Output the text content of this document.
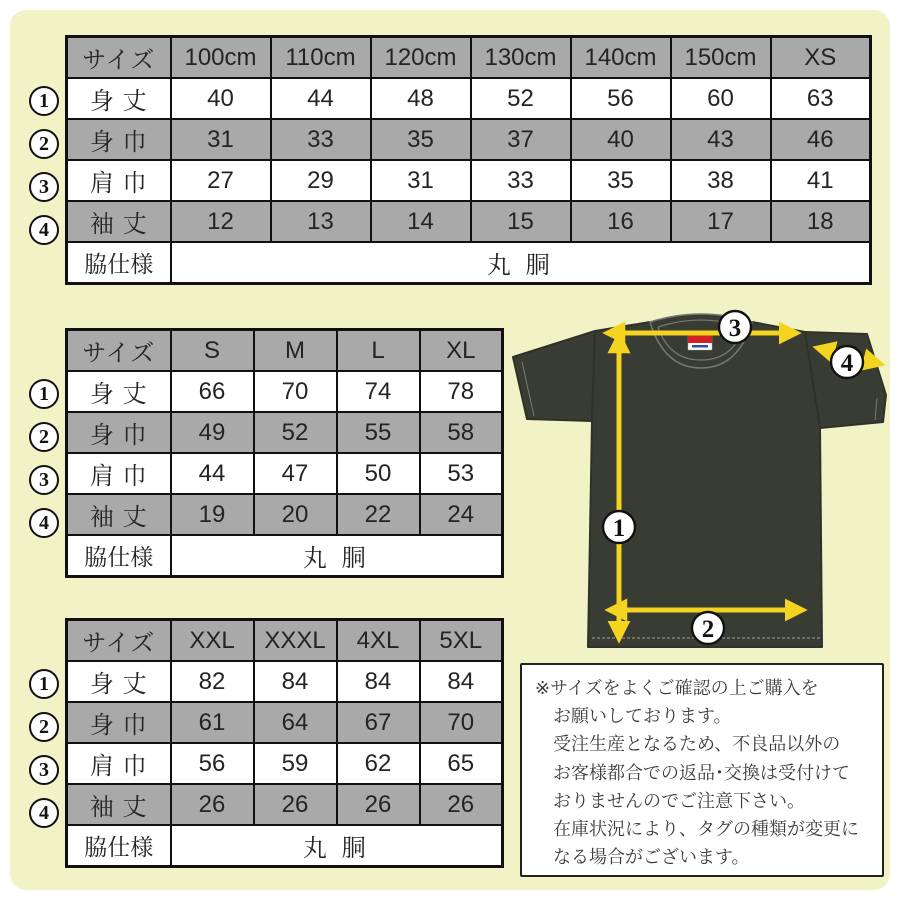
1
2
3
4
サイズ	100cm	110cm	120cm	130cm	140cm	150cm	XS
身 丈	40	44	48	52	56	60	63
身 巾	31	33	35	37	40	43	46
肩 巾	27	29	31	33	35	38	41
袖 丈	12	13	14	15	16	17	18
脇仕様	丸 胴						
1
2
3
4
サイズ	S	M	L	XL
身 丈	66	70	74	78
身 巾	49	52	55	58
肩 巾	44	47	50	53
袖 丈	19	20	22	24
脇仕様	丸 胴			
1
2
3
4
サイズ	XXL	XXXL	4XL	5XL
身 丈	82	84	84	84
身 巾	61	64	67	70
肩 巾	56	59	62	65
袖 丈	26	26	26	26
脇仕様	丸 胴			
3
4
1
2
※サイズをよくご確認の上ご購入を
お願いしております。
受注生産となるため、不良品以外の
お客様都合での返品･交換は受付けて
おりませんのでご注意下さい。
在庫状況により、タグの種類が変更に
なる場合がございます。
